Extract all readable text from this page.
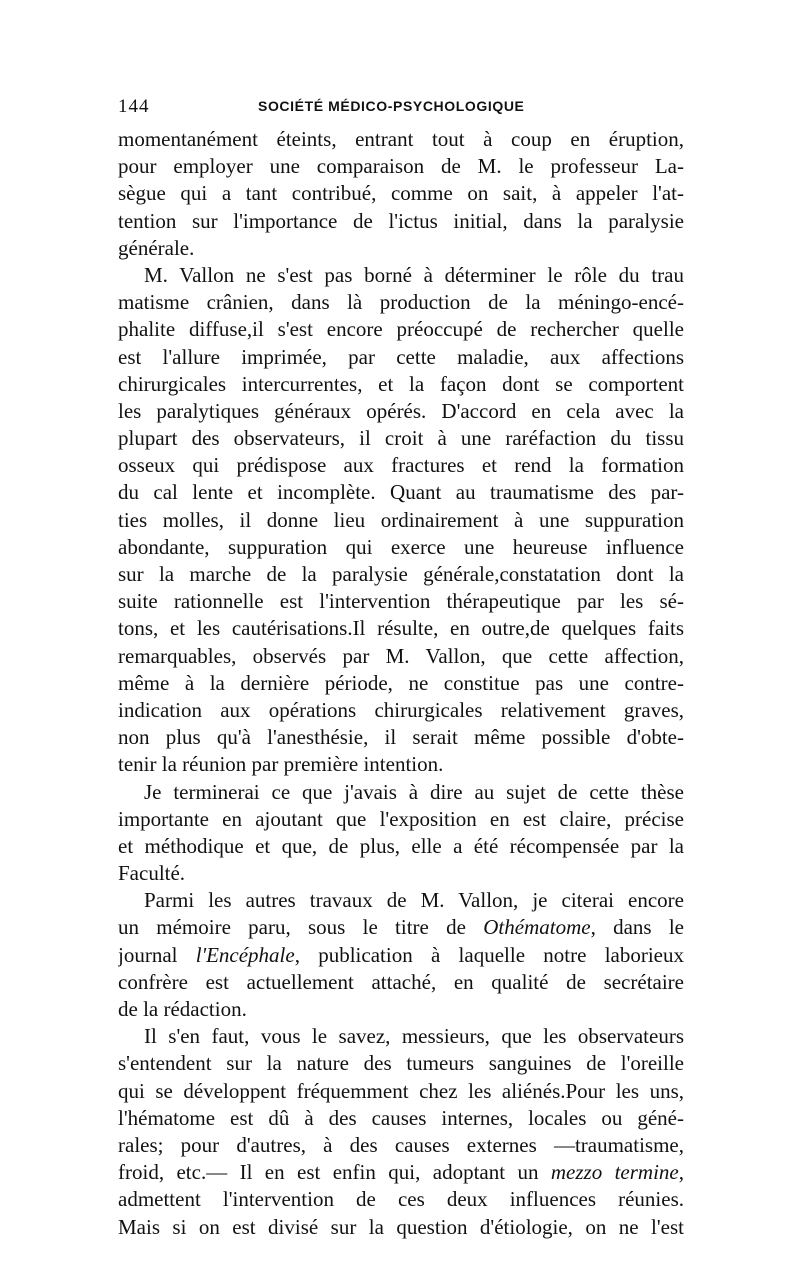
144	SOCIÉTÉ MÉDICO-PSYCHOLOGIQUE
momentanément éteints, entrant tout à coup en éruption,
pour employer une comparaison de M. le professeur La-
sègue qui a tant contribué, comme on sait, à appeler l'at-
tention sur l'importance de l'ictus initial, dans la paralysie
générale.
M. Vallon ne s'est pas borné à déterminer le rôle du trau
matisme crânien, dans là production de la méningo-encé-
phalite diffuse,il s'est encore préoccupé de rechercher quelle
est l'allure imprimée, par cette maladie, aux affections
chirurgicales intercurrentes, et la façon dont se comportent
les paralytiques généraux opérés. D'accord en cela avec la
plupart des observateurs, il croit à une raréfaction du tissu
osseux qui prédispose aux fractures et rend la formation
du cal lente et incomplète. Quant au traumatisme des par-
ties molles, il donne lieu ordinairement à une suppuration
abondante, suppuration qui exerce une heureuse influence
sur la marche de la paralysie générale,constatation dont la
suite rationnelle est l'intervention thérapeutique par les sé-
tons, et les cautérisations.Il résulte, en outre,de quelques faits
remarquables, observés par M. Vallon, que cette affection,
même à la dernière période, ne constitue pas une contre-
indication aux opérations chirurgicales relativement graves,
non plus qu'à l'anesthésie, il serait même possible d'obte-
tenir la réunion par première intention.
Je terminerai ce que j'avais à dire au sujet de cette thèse
importante en ajoutant que l'exposition en est claire, précise
et méthodique et que, de plus, elle a été récompensée par la
Faculté.
Parmi les autres travaux de M. Vallon, je citerai encore
un mémoire paru, sous le titre de Othématome, dans le
journal l'Encéphale, publication à laquelle notre laborieux
confrère est actuellement attaché, en qualité de secrétaire
de la rédaction.
Il s'en faut, vous le savez, messieurs, que les observateurs
s'entendent sur la nature des tumeurs sanguines de l'oreille
qui se développent fréquemment chez les aliénés.Pour les uns,
l'hématome est dû à des causes internes, locales ou géné-
rales; pour d'autres, à des causes externes —traumatisme,
froid, etc.— Il en est enfin qui, adoptant un mezzo termine,
admettent l'intervention de ces deux influences réunies.
Mais si on est divisé sur la question d'étiologie, on ne l'est
